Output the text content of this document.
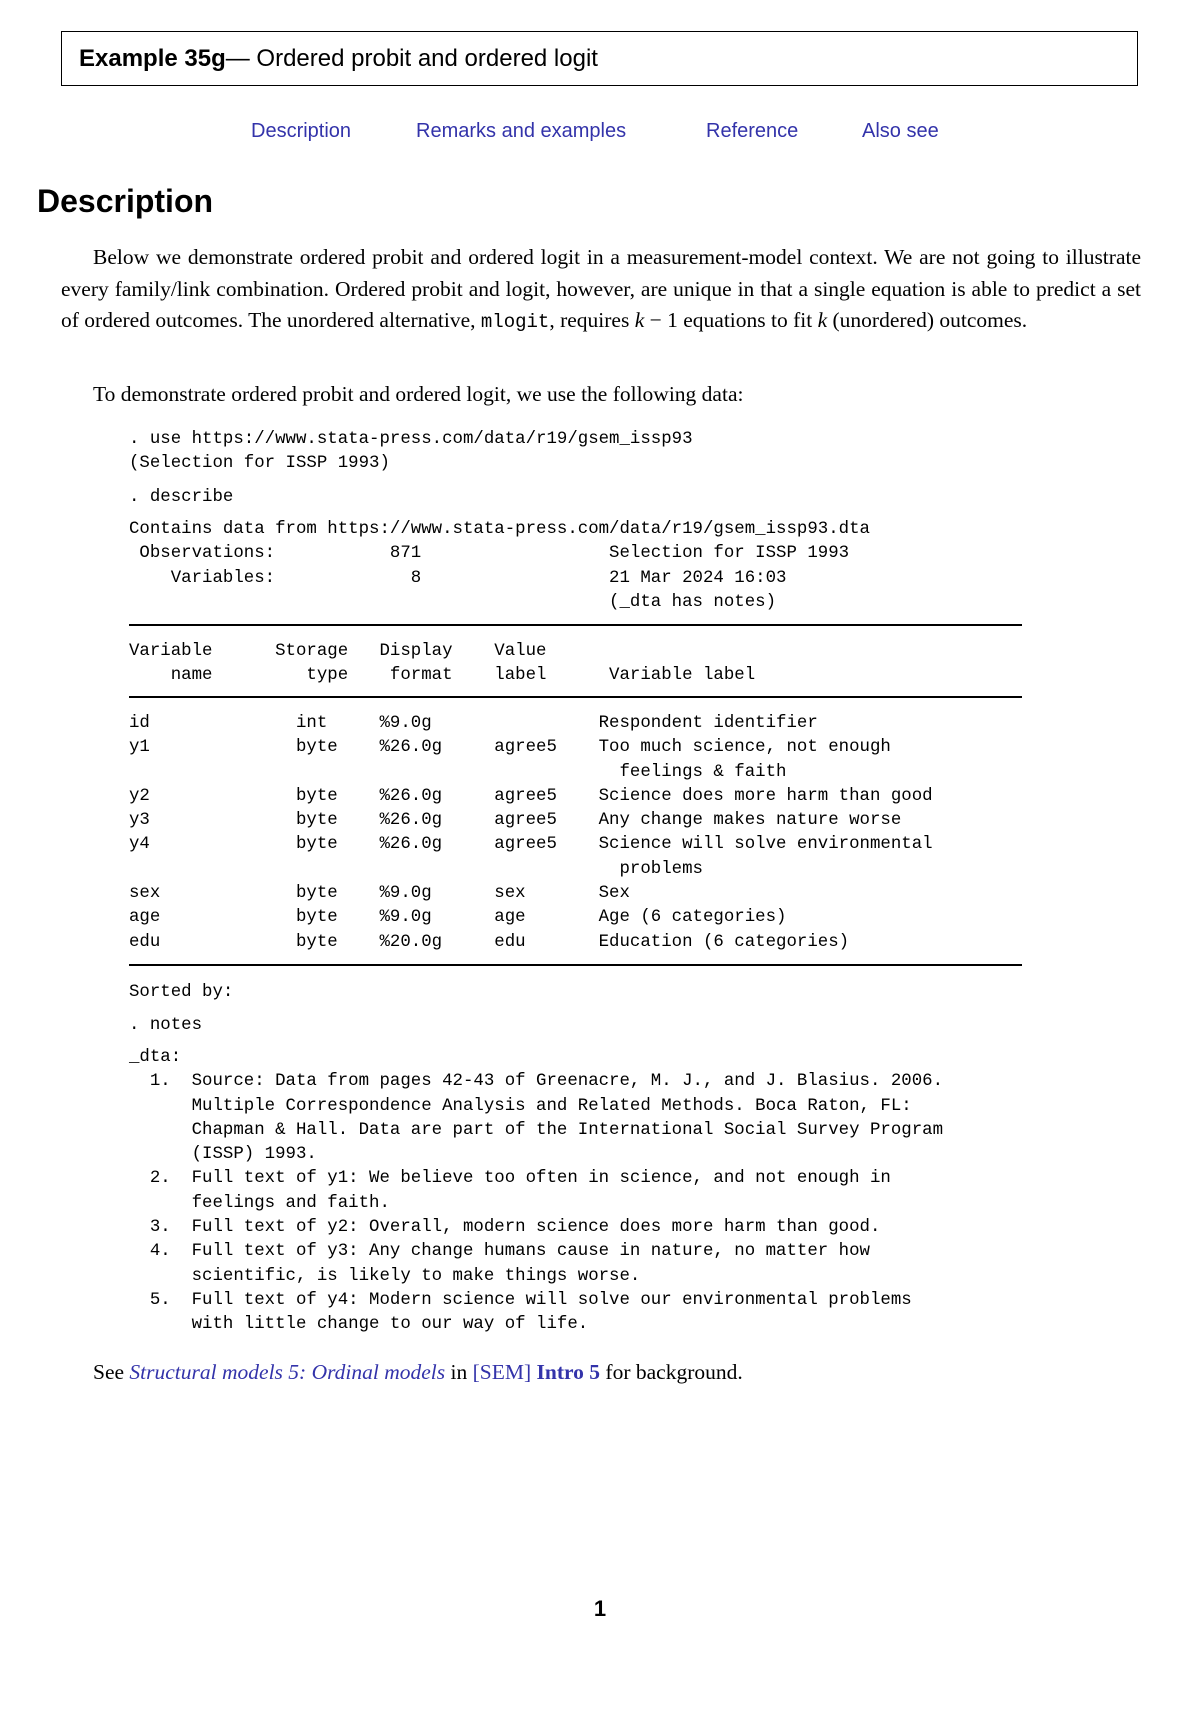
Example 35g — Ordered probit and ordered logit
Description	Remarks and examples	Reference	Also see
Description
Below we demonstrate ordered probit and ordered logit in a measurement-model context. We are not going to illustrate every family/link combination. Ordered probit and logit, however, are unique in that a single equation is able to predict a set of ordered outcomes. The unordered alternative, mlogit, requires k − 1 equations to fit k (unordered) outcomes.
To demonstrate ordered probit and ordered logit, we use the following data:
. use https://www.stata-press.com/data/r19/gsem_issp93
(Selection for ISSP 1993)
. describe
Contains data from https://www.stata-press.com/data/r19/gsem_issp93.dta
Observations:           871                  Selection for ISSP 1993
Variables:             8                  21 Mar 2024 16:03
(_dta has notes)
Variable      Storage   Display    Value
name         type    format    label      Variable label
id              int     %9.0g                Respondent identifier
y1              byte    %26.0g     agree5    Too much science, not enough
feelings & faith
y2              byte    %26.0g     agree5    Science does more harm than good
y3              byte    %26.0g     agree5    Any change makes nature worse
y4              byte    %26.0g     agree5    Science will solve environmental
problems
sex             byte    %9.0g      sex       Sex
age             byte    %9.0g      age       Age (6 categories)
edu             byte    %20.0g     edu       Education (6 categories)
Sorted by:
. notes
_dta:
1.  Source: Data from pages 42-43 of Greenacre, M. J., and J. Blasius. 2006.
Multiple Correspondence Analysis and Related Methods. Boca Raton, FL:
Chapman & Hall. Data are part of the International Social Survey Program
(ISSP) 1993.
2.  Full text of y1: We believe too often in science, and not enough in
feelings and faith.
3.  Full text of y2: Overall, modern science does more harm than good.
4.  Full text of y3: Any change humans cause in nature, no matter how
scientific, is likely to make things worse.
5.  Full text of y4: Modern science will solve our environmental problems
with little change to our way of life.
See Structural models 5: Ordinal models in [SEM] Intro 5 for background.
1
